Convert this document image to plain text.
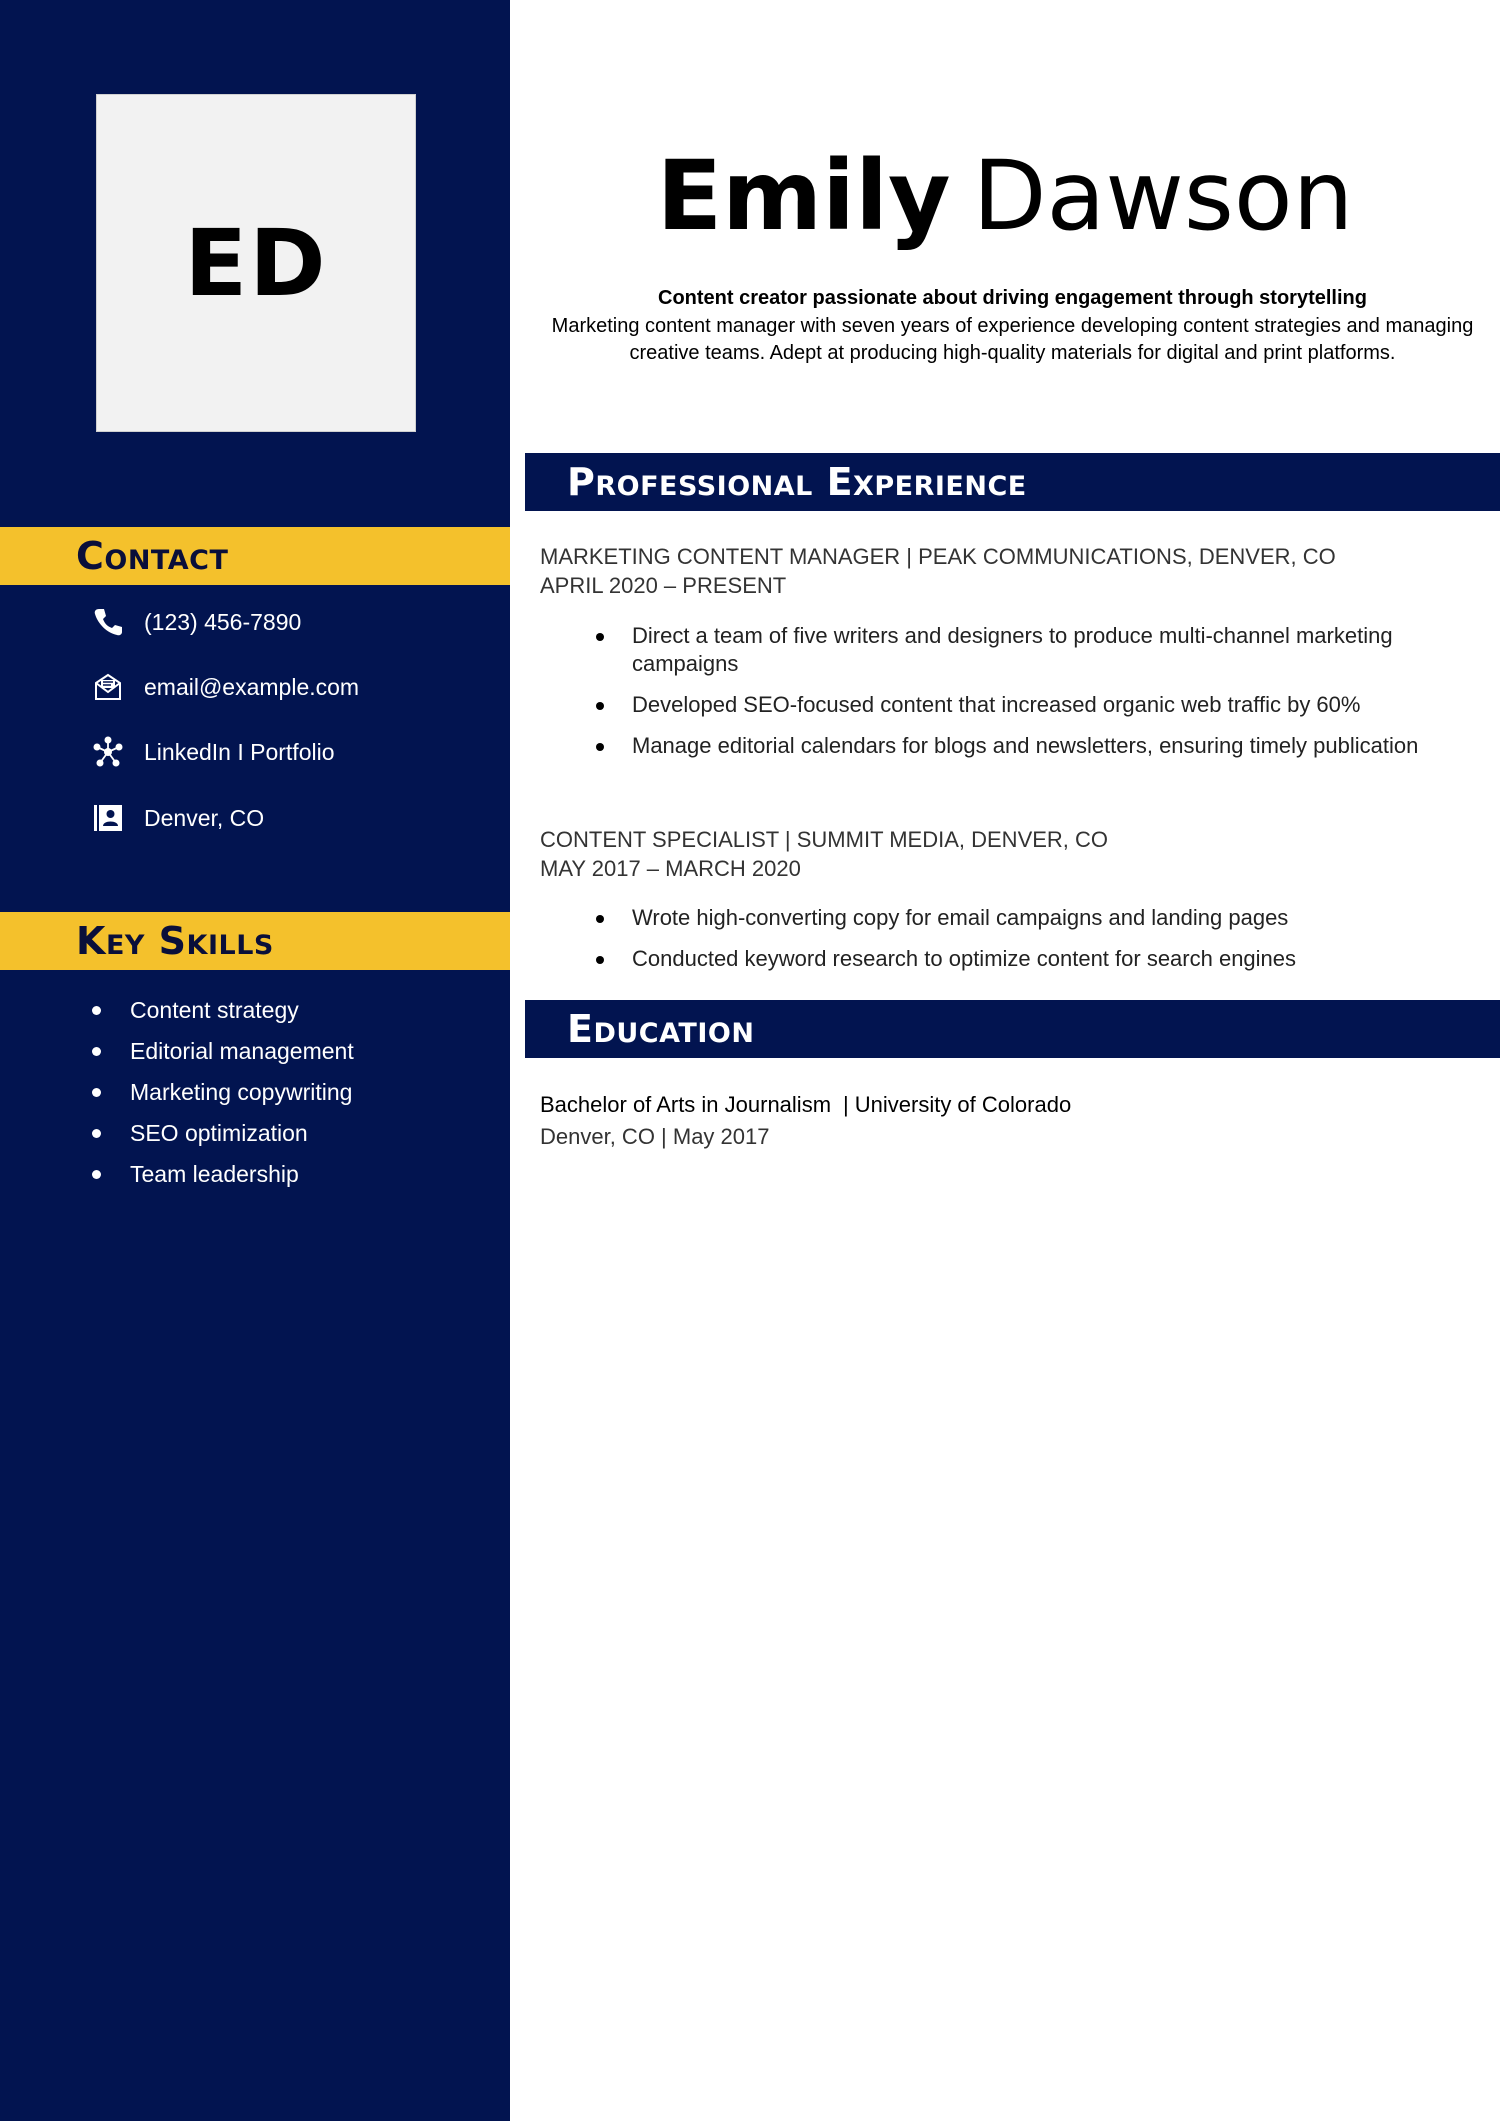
ED
Contact
(123) 456-7890
email@example.com
LinkedIn I Portfolio
Denver, CO
Key Skills
Content strategy
Editorial management
Marketing copywriting
SEO optimization
Team leadership
Emily Dawson
Content creator passionate about driving engagement through storytelling
Marketing content manager with seven years of experience developing content strategies and managing creative teams. Adept at producing high-quality materials for digital and print platforms.
Professional Experience
MARKETING CONTENT MANAGER | PEAK COMMUNICATIONS, DENVER, CO
APRIL 2020 – PRESENT
Direct a team of five writers and designers to produce multi-channel marketing campaigns
Developed SEO-focused content that increased organic web traffic by 60%
Manage editorial calendars for blogs and newsletters, ensuring timely publication
CONTENT SPECIALIST | SUMMIT MEDIA, DENVER, CO
MAY 2017 – MARCH 2020
Wrote high-converting copy for email campaigns and landing pages
Conducted keyword research to optimize content for search engines
Education
Bachelor of Arts in Journalism | University of Colorado
Denver, CO | May 2017
